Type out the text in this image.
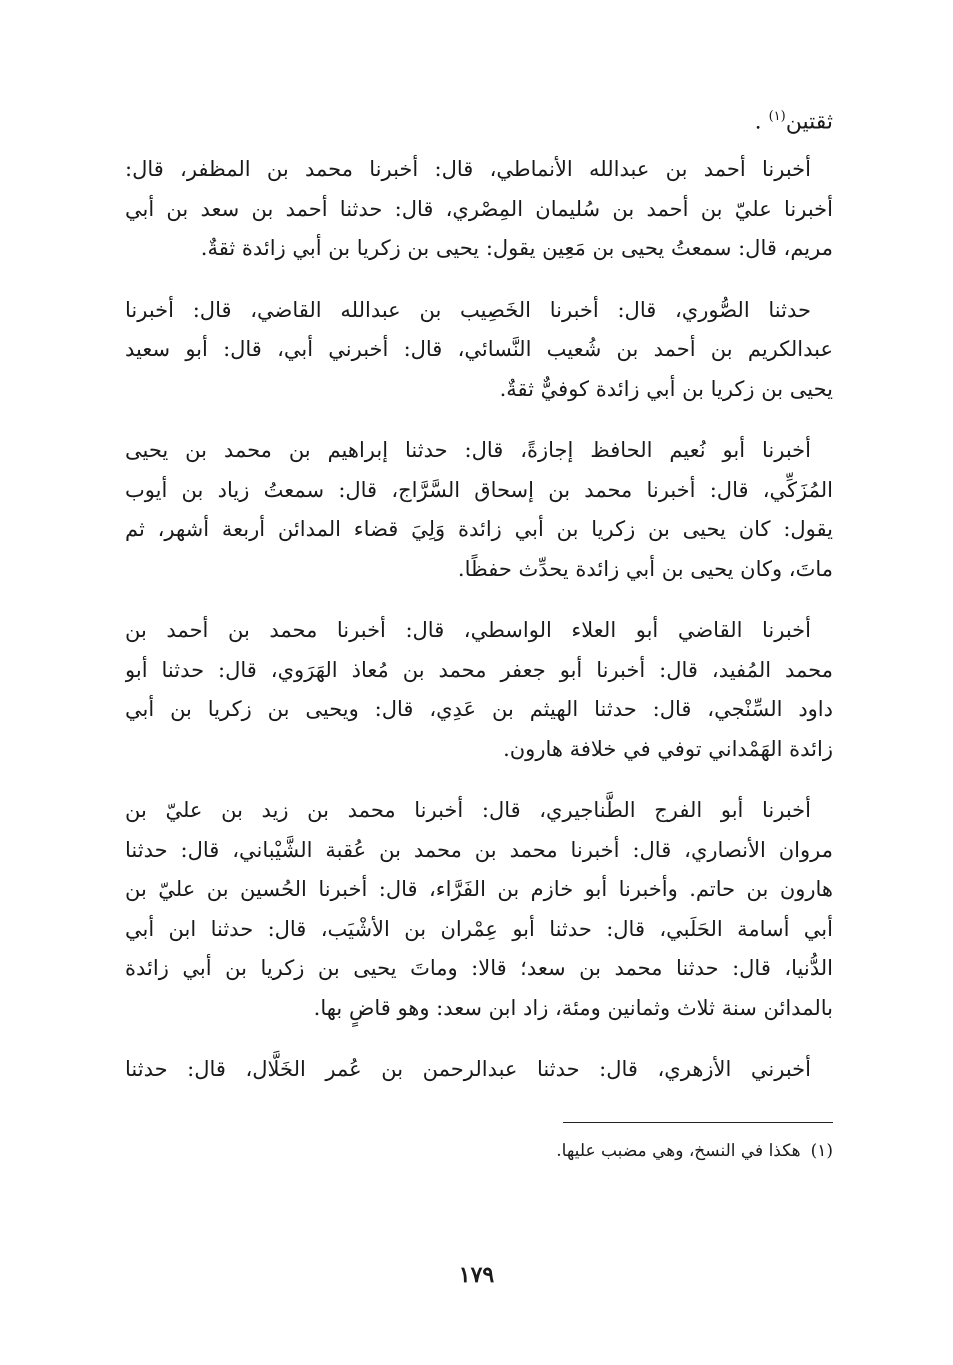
ثقتين$^{(١)}$ .
أخبرنا أحمد بن عبدالله الأنماطي، قال: أخبرنا محمد بن المظفر، قال:
أخبرنا عليّ بن أحمد بن سُليمان المِصْري، قال: حدثنا أحمد بن سعد بن أبي
مريم، قال: سمعتُ يحيى بن مَعِين يقول: يحيى بن زكريا بن أبي زائدة ثقةٌ.
حدثنا الصُّوري، قال: أخبرنا الخَصِيب بن عبدالله القاضي، قال: أخبرنا
عبدالكريم بن أحمد بن شُعيب النَّسائي، قال: أخبرني أبي، قال: أبو سعيد
يحيى بن زكريا بن أبي زائدة كوفيٌّ ثقةٌ.
أخبرنا أبو نُعيم الحافظ إجازةً، قال: حدثنا إبراهيم بن محمد بن يحيى
المُزَكِّي، قال: أخبرنا محمد بن إسحاق السَّرَّاج، قال: سمعتُ زياد بن أيوب
يقول: كان يحيى بن زكريا بن أبي زائدة وَلِيَ قضاء المدائن أربعة أشهر، ثم
ماتَ، وكان يحيى بن أبي زائدة يحدِّث حفظًا.
أخبرنا القاضي أبو العلاء الواسطي، قال: أخبرنا محمد بن أحمد بن
محمد المُفيد، قال: أخبرنا أبو جعفر محمد بن مُعاذ الهَرَوي، قال: حدثنا أبو
داود السِّنْجي، قال: حدثنا الهيثم بن عَدِي، قال: ويحيى بن زكريا بن أبي
زائدة الهَمْداني توفي في خلافة هارون.
أخبرنا أبو الفرج الطَّناجيري، قال: أخبرنا محمد بن زيد بن عليّ بن
مروان الأنصاري، قال: أخبرنا محمد بن محمد بن عُقبة الشَّيْباني، قال: حدثنا
هارون بن حاتم. وأخبرنا أبو خازم بن الفَرَّاء، قال: أخبرنا الحُسين بن عليّ بن
أبي أسامة الحَلَبي، قال: حدثنا أبو عِمْران بن الأشْيَب، قال: حدثنا ابن أبي
الدُّنيا، قال: حدثنا محمد بن سعد؛ قالا: وماتَ يحيى بن زكريا بن أبي زائدة
بالمدائن سنة ثلاث وثمانين ومئة، زاد ابن سعد: وهو قاضٍ بها.
أخبرني الأزهري، قال: حدثنا عبدالرحمن بن عُمر الخَلَّال، قال: حدثنا
(١)هكذا في النسخ، وهي مضبب عليها.
١٧٩
